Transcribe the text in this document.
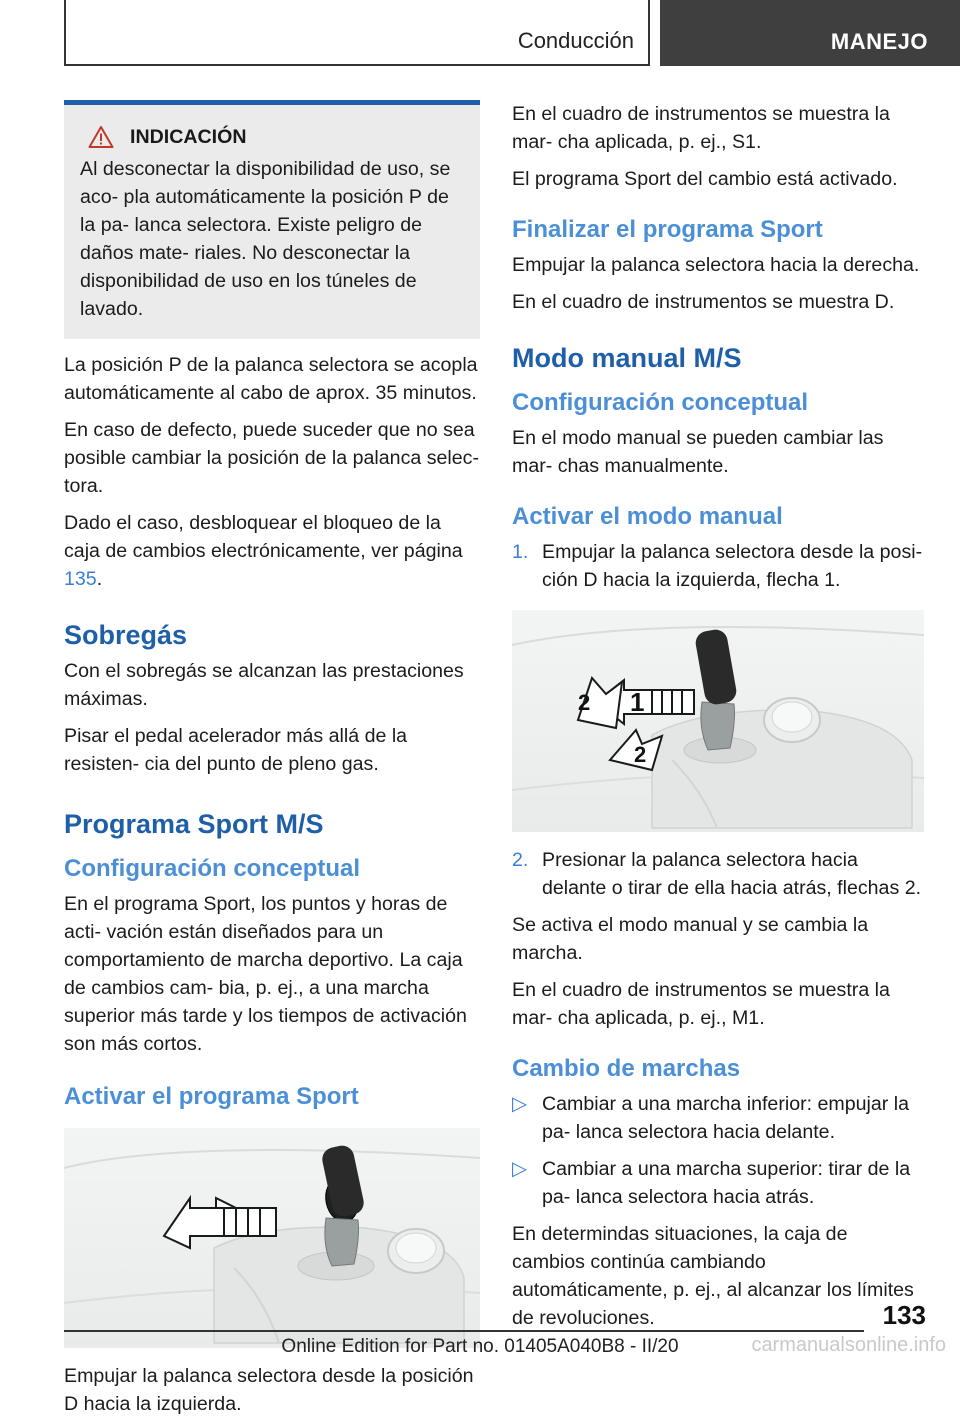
Conducción	MANEJO
INDICACIÓN

Al desconectar la disponibilidad de uso, se aco‐ pla automáticamente la posición P de la pa‐ lanca selectora. Existe peligro de daños mate‐ riales. No desconectar la disponibilidad de uso en los túneles de lavado.

La posición P de la palanca selectora se acopla automáticamente al cabo de aprox. 35 minutos.

En caso de defecto, puede suceder que no sea posible cambiar la posición de la palanca selec‐ tora.

Dado el caso, desbloquear el bloqueo de la caja de cambios electrónicamente, ver página 135.

Sobregás

Con el sobregás se alcanzan las prestaciones máximas.

Pisar el pedal acelerador más allá de la resisten‐ cia del punto de pleno gas.

Programa Sport M/S
Configuración conceptual

En el programa Sport, los puntos y horas de acti‐ vación están diseñados para un comportamiento de marcha deportivo. La caja de cambios cam‐ bia, p. ej., a una marcha superior más tarde y los tiempos de activación son más cortos.

Activar el programa Sport

Empujar la palanca selectora desde la posición D hacia la izquierda.

En el cuadro de instrumentos se muestra la mar‐ cha aplicada, p. ej., S1.

El programa Sport del cambio está activado.

Finalizar el programa Sport

Empujar la palanca selectora hacia la derecha.

En el cuadro de instrumentos se muestra D.

Modo manual M/S
Configuración conceptual

En el modo manual se pueden cambiar las mar‐ chas manualmente.

Activar el modo manual
1. Empujar la palanca selectora desde la posi‐ ción D hacia la izquierda, flecha 1.
1
2
2
2. Presionar la palanca selectora hacia delante o tirar de ella hacia atrás, flechas 2.

Se activa el modo manual y se cambia la marcha.

En el cuadro de instrumentos se muestra la mar‐ cha aplicada, p. ej., M1.

Cambio de marchas
▷ Cambiar a una marcha inferior: empujar la pa‐ lanca selectora hacia delante.
▷ Cambiar a una marcha superior: tirar de la pa‐ lanca selectora hacia atrás.

En determindas situaciones, la caja de cambios continúa cambiando automáticamente, p. ej., al alcanzar los límites de revoluciones.	133
Online Edition for Part no. 01405A040B8 - II/20	carmanualsonline.info
